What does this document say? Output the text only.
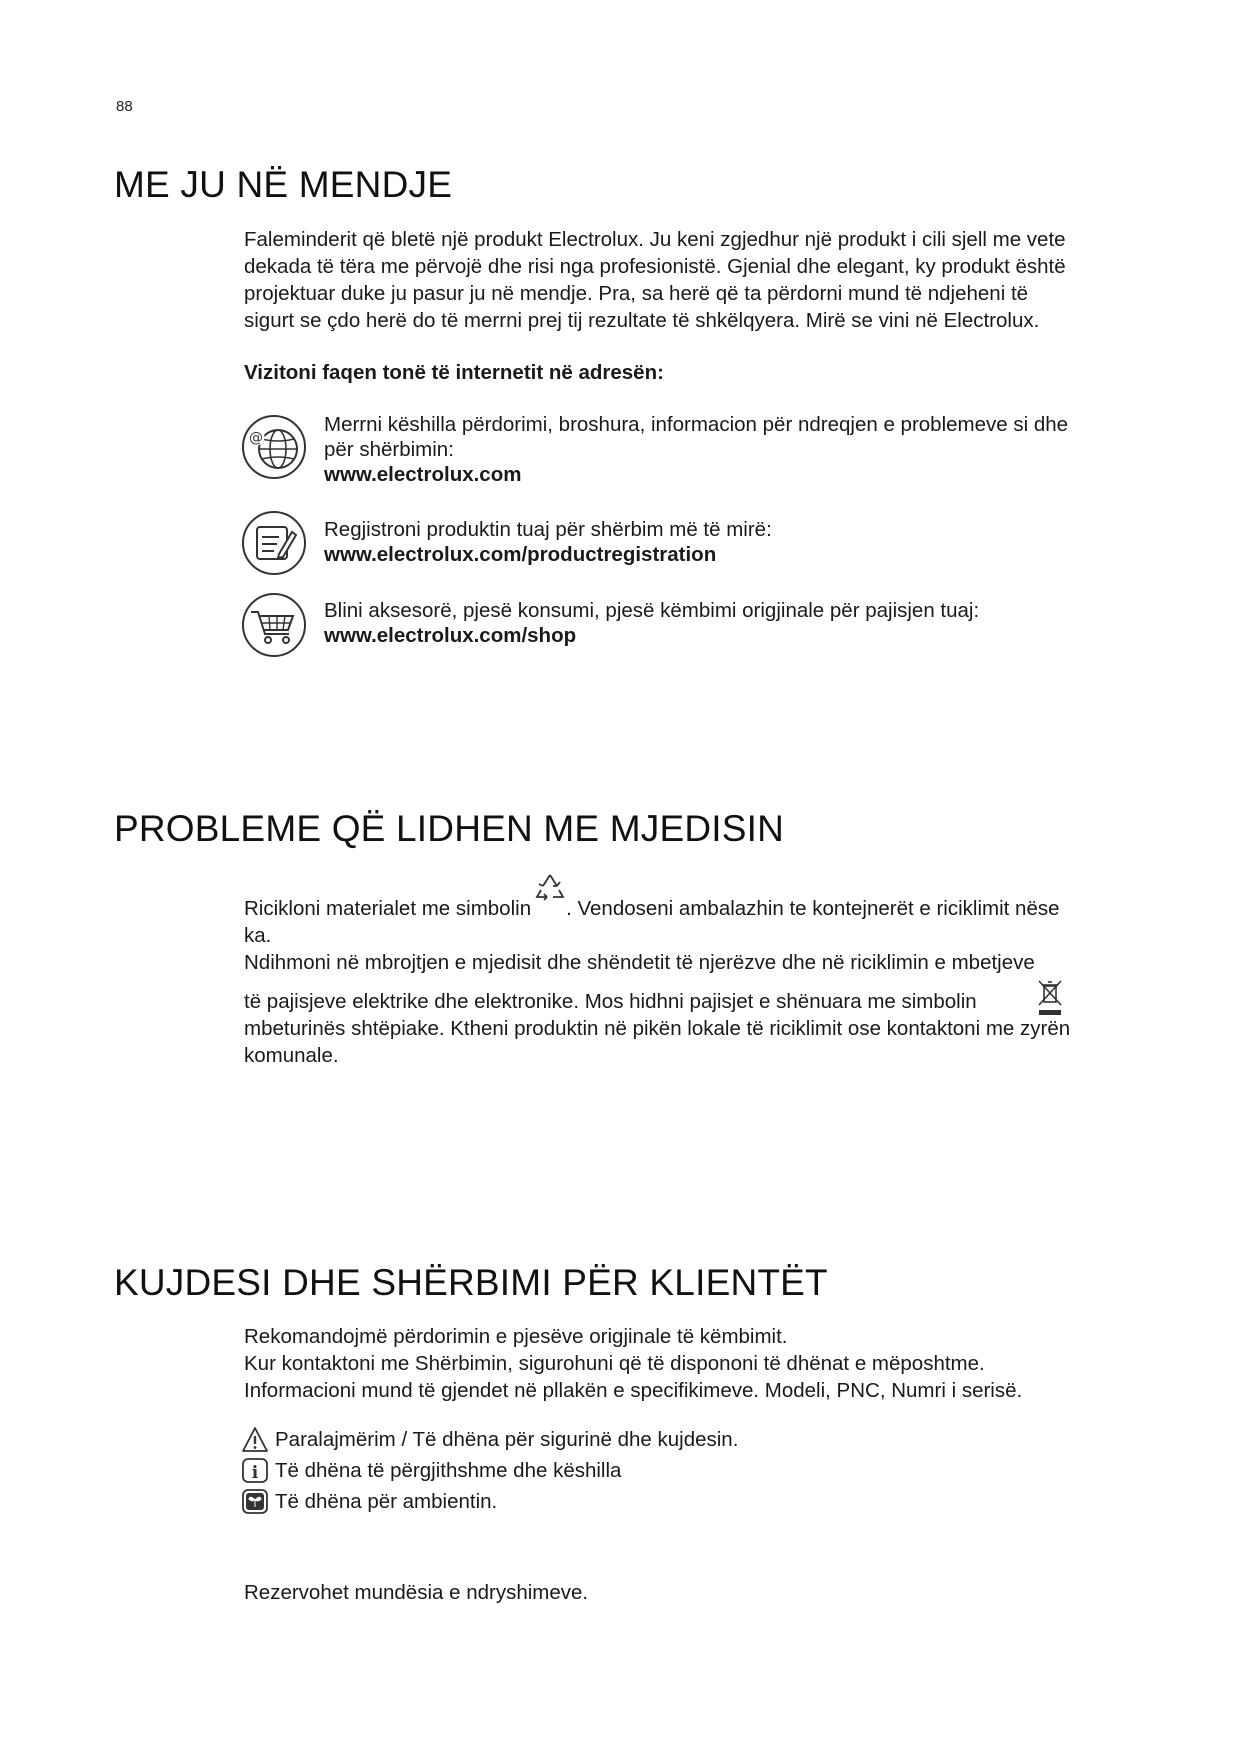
88
ME JU NË MENDJE
Faleminderit që bletë një produkt Electrolux. Ju keni zgjedhur një produkt i cili sjell me vete
dekada të tëra me përvojë dhe risi nga profesionistë. Gjenial dhe elegant, ky produkt është
projektuar duke ju pasur ju në mendje. Pra, sa herë që ta përdorni mund të ndjeheni të
sigurt se çdo herë do të merrni prej tij rezultate të shkëlqyera. Mirë se vini në Electrolux.
Vizitoni faqen tonë të internetit në adresën:
@
Merrni këshilla përdorimi, broshura, informacion për ndreqjen e problemeve si dhe
për shërbimin:
www.electrolux.com
Regjistroni produktin tuaj për shërbim më të mirë:
www.electrolux.com/productregistration
Blini aksesorë, pjesë konsumi, pjesë këmbimi origjinale për pajisjen tuaj:
www.electrolux.com/shop
PROBLEME QË LIDHEN ME MJEDISIN
Ricikloni materialet me simbolin . Vendoseni ambalazhin te kontejnerët e riciklimit nëse
ka.
Ndihmoni në mbrojtjen e mjedisit dhe shëndetit të njerëzve dhe në riciklimin e mbetjeve
të pajisjeve elektrike dhe elektronike. Mos hidhni pajisjet e shënuara me simbolin
mbeturinës shtëpiake. Ktheni produktin në pikën lokale të riciklimit ose kontaktoni me zyrën
komunale.
KUJDESI DHE SHËRBIMI PËR KLIENTËT
Rekomandojmë përdorimin e pjesëve origjinale të këmbimit.
Kur kontaktoni me Shërbimin, sigurohuni që të dispononi të dhënat e mëposhtme.
Informacioni mund të gjendet në pllakën e specifikimeve. Modeli, PNC, Numri i serisë.
Paralajmërim / Të dhëna për sigurinë dhe kujdesin.
i Të dhëna të përgjithshme dhe këshilla
Të dhëna për ambientin.
Rezervohet mundësia e ndryshimeve.
